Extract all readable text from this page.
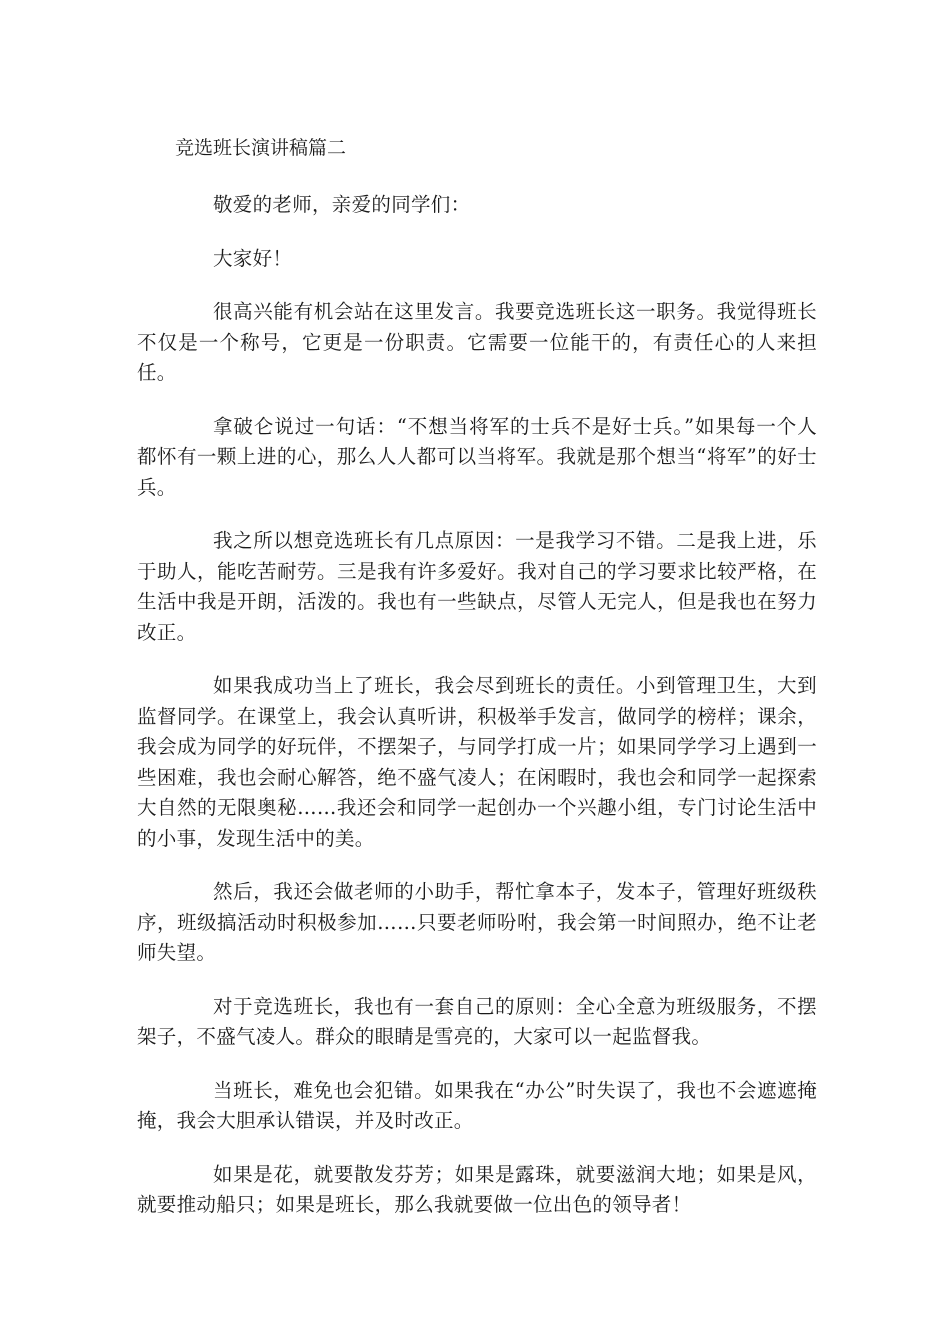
竞选班长演讲稿篇二

敬爱的老师，亲爱的同学们：

大家好！

很高兴能有机会站在这里发言。我要竞选班长这一职务。我觉得班长不仅是一个称号，它更是一份职责。它需要一位能干的，有责任心的人来担任。

拿破仑说过一句话：“不想当将军的士兵不是好士兵。”如果每一个人都怀有一颗上进的心，那么人人都可以当将军。我就是那个想当“将军”的好士兵。

我之所以想竞选班长有几点原因：一是我学习不错。二是我上进，乐于助人，能吃苦耐劳。三是我有许多爱好。我对自己的学习要求比较严格，在生活中我是开朗，活泼的。我也有一些缺点，尽管人无完人，但是我也在努力改正。

如果我成功当上了班长，我会尽到班长的责任。小到管理卫生，大到监督同学。在课堂上，我会认真听讲，积极举手发言，做同学的榜样；课余，我会成为同学的好玩伴，不摆架子，与同学打成一片；如果同学学习上遇到一些困难，我也会耐心解答，绝不盛气凌人；在闲暇时，我也会和同学一起探索大自然的无限奥秘……我还会和同学一起创办一个兴趣小组，专门讨论生活中的小事，发现生活中的美。

然后，我还会做老师的小助手，帮忙拿本子，发本子，管理好班级秩序，班级搞活动时积极参加……只要老师吩咐，我会第一时间照办，绝不让老师失望。

对于竞选班长，我也有一套自己的原则：全心全意为班级服务，不摆架子，不盛气凌人。群众的眼睛是雪亮的，大家可以一起监督我。

当班长，难免也会犯错。如果我在“办公”时失误了，我也不会遮遮掩掩，我会大胆承认错误，并及时改正。

如果是花，就要散发芬芳；如果是露珠，就要滋润大地；如果是风，就要推动船只；如果是班长，那么我就要做一位出色的领导者！
